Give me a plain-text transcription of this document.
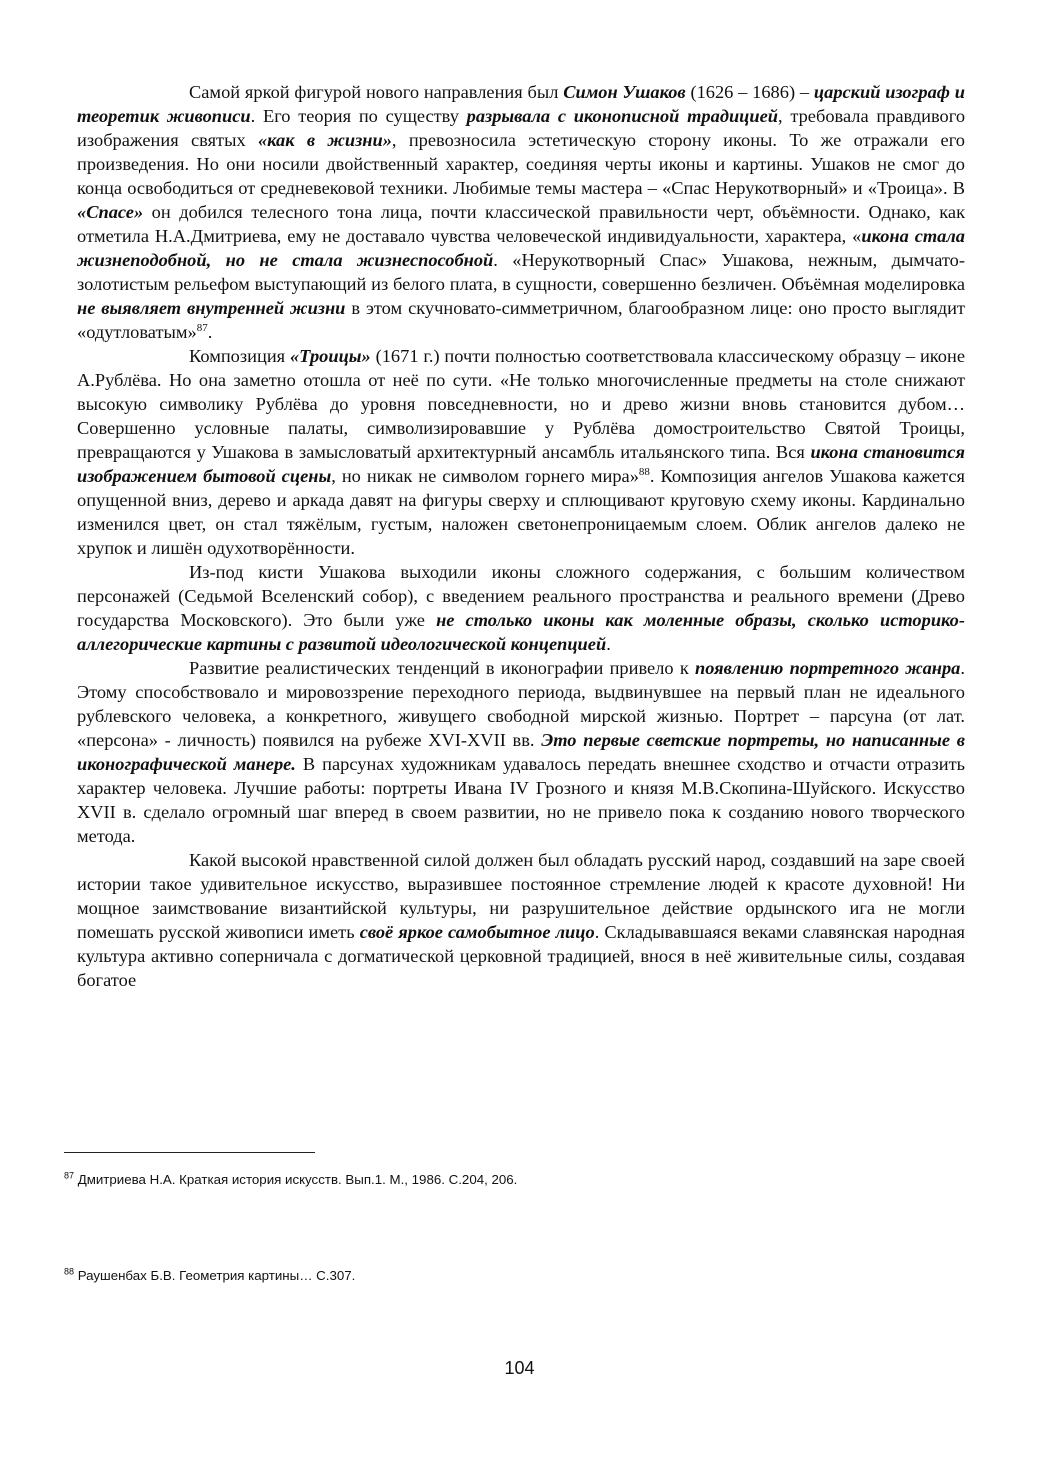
Самой яркой фигурой нового направления был Симон Ушаков (1626 – 1686) – царский изограф и теоретик живописи. Его теория по существу разрывала с иконописной традицией, требовала правдивого изображения святых «как в жизни», превозносила эстетическую сторону иконы. То же отражали его произведения. Но они носили двойственный характер, соединяя черты иконы и картины. Ушаков не смог до конца освободиться от средневековой техники. Любимые темы мастера – «Спас Нерукотворный» и «Троица». В «Спасе» он добился телесного тона лица, почти классической правильности черт, объёмности. Однако, как отметила Н.А.Дмитриева, ему не доставало чувства человеческой индивидуальности, характера, «икона стала жизнеподобной, но не стала жизнеспособной. «Нерукотворный Спас» Ушакова, нежным, дымчато-золотистым рельефом выступающий из белого плата, в сущности, совершенно безличен. Объёмная моделировка не выявляет внутренней жизни в этом скучновато-симметричном, благообразном лице: оно просто выглядит «одутловатым»$^{87}$.

Композиция «Троицы» (1671 г.) почти полностью соответствовала классическому образцу – иконе А.Рублёва. Но она заметно отошла от неё по сути. «Не только многочисленные предметы на столе снижают высокую символику Рублёва до уровня повседневности, но и древо жизни вновь становится дубом… Совершенно условные палаты, символизировавшие у Рублёва домостроительство Святой Троицы, превращаются у Ушакова в замысловатый архитектурный ансамбль итальянского типа. Вся икона становится изображением бытовой сцены, но никак не символом горнего мира»$^{88}$. Композиция ангелов Ушакова кажется опущенной вниз, дерево и аркада давят на фигуры сверху и сплющивают круговую схему иконы. Кардинально изменился цвет, он стал тяжёлым, густым, наложен светонепроницаемым слоем. Облик ангелов далеко не хрупок и лишён одухотворённости.

Из-под кисти Ушакова выходили иконы сложного содержания, с большим количеством персонажей (Седьмой Вселенский собор), с введением реального пространства и реального времени (Древо государства Московского). Это были уже не столько иконы как моленные образы, сколько историко-аллегорические картины с развитой идеологической концепцией.

Развитие реалистических тенденций в иконографии привело к появлению портретного жанра. Этому способствовало и мировоззрение переходного периода, выдвинувшее на первый план не идеального рублевского человека, а конкретного, живущего свободной мирской жизнью. Портрет – парсуна (от лат. «персона» - личность) появился на рубеже XVI-XVII вв. Это первые светские портреты, но написанные в иконографической манере. В парсунах художникам удавалось передать внешнее сходство и отчасти отразить характер человека. Лучшие работы: портреты Ивана IV Грозного и князя М.В.Скопина-Шуйского. Искусство XVII в. сделало огромный шаг вперед в своем развитии, но не привело пока к созданию нового творческого метода.

Какой высокой нравственной силой должен был обладать русский народ, создавший на заре своей истории такое удивительное искусство, выразившее постоянное стремление людей к красоте духовной! Ни мощное заимствование византийской культуры, ни разрушительное действие ордынского ига не могли помешать русской живописи иметь своё яркое самобытное лицо. Складывавшаяся веками славянская народная культура активно соперничала с догматической церковной традицией, внося в неё живительные силы, создавая богатое

$^{87}$ Дмитриева Н.А. Краткая история искусств. Вып.1. М., 1986. С.204, 206.
$^{88}$ Раушенбах Б.В. Геометрия картины… С.307.
104
